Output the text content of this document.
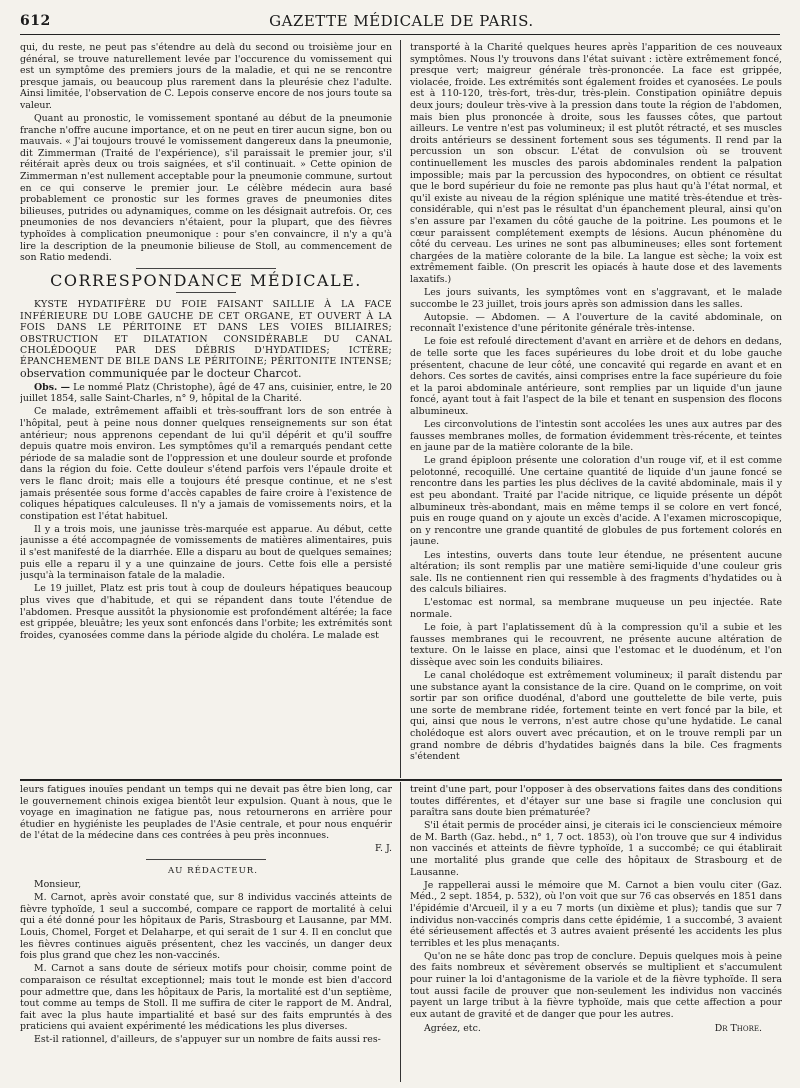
612	GAZETTE MÉDICALE DE PARIS.

qui, du reste, ne peut pas s'étendre au delà du second ou troisième jour en général, se trouve naturellement levée par l'occurence du vomissement qui est un symptôme des premiers jours de la maladie, et qui ne se rencontre presque jamais, ou beaucoup plus rarement dans la pleurésie chez l'adulte. Ainsi limitée, l'observation de C. Lepois conserve encore de nos jours toute sa valeur.

Quant au pronostic, le vomissement spontané au début de la pneumonie franche n'offre aucune importance, et on ne peut en tirer aucun signe, bon ou mauvais. « J'ai toujours trouvé le vomissement dangereux dans la pneumonie, dit Zimmerman (Traité de l'expérience), s'il paraissait le premier jour, s'il réitérait après deux ou trois saignées, et s'il continuait. » Cette opinion de Zimmerman n'est nullement acceptable pour la pneumonie commune, surtout en ce qui conserve le premier jour. Le célèbre médecin aura basé probablement ce pronostic sur les formes graves de pneumonies dites bilieuses, putrides ou adynamiques, comme on les désignait autrefois. Or, ces pneumonies de nos devanciers n'étaient, pour la plupart, que des fièvres typhoïdes à complication pneumonique : pour s'en convaincre, il n'y a qu'à lire la description de la pneumonie bilieuse de Stoll, au commencement de son Ratio medendi.

CORRESPONDANCE MÉDICALE.

KYSTE HYDATIFÈRE DU FOIE FAISANT SAILLIE À LA FACE INFÉRIEURE DU LOBE GAUCHE DE CET ORGANE, ET OUVERT À LA FOIS DANS LE PÉRITOINE ET DANS LES VOIES BILIAIRES; OBSTRUCTION ET DILATATION CONSIDÉRABLE DU CANAL CHOLÉDOQUE PAR DES DÉBRIS D'HYDATIDES; ICTÈRE; ÉPANCHEMENT DE BILE DANS LE PÉRITOINE; PÉRITONITE INTENSE; observation communiquée par le docteur Charcot.

Obs. — Le nommé Platz (Christophe), âgé de 47 ans, cuisinier, entre, le 20 juillet 1854, salle Saint-Charles, n° 9, hôpital de la Charité.

Ce malade, extrêmement affaibli et très-souffrant lors de son entrée à l'hôpital, peut à peine nous donner quelques renseignements sur son état antérieur; nous apprenons cependant de lui qu'il dépérit et qu'il souffre depuis quatre mois environ. Les symptômes qu'il a remarqués pendant cette période de sa maladie sont de l'oppression et une douleur sourde et profonde dans la région du foie. Cette douleur s'étend parfois vers l'épaule droite et vers le flanc droit; mais elle a toujours été presque continue, et ne s'est jamais présentée sous forme d'accès capables de faire croire à l'existence de coliques hépatiques calculeuses. Il n'y a jamais de vomissements noirs, et la constipation est l'état habituel.

Il y a trois mois, une jaunisse très-marquée est apparue. Au début, cette jaunisse a été accompagnée de vomissements de matières alimentaires, puis il s'est manifesté de la diarrhée. Elle a disparu au bout de quelques semaines; puis elle a reparu il y a une quinzaine de jours. Cette fois elle a persisté jusqu'à la terminaison fatale de la maladie.

Le 19 juillet, Platz est pris tout à coup de douleurs hépatiques beaucoup plus vives que d'habitude, et qui se répandent dans toute l'étendue de l'abdomen. Presque aussitôt la physionomie est profondément altérée; la face est grippée, bleuâtre; les yeux sont enfoncés dans l'orbite; les extrémités sont froides, cyanosées comme dans la période algide du choléra. Le malade est

transporté à la Charité quelques heures après l'apparition de ces nouveaux symptômes. Nous l'y trouvons dans l'état suivant : ictère extrêmement foncé, presque vert; maigreur générale très-prononcée. La face est grippée, violacée, froide. Les extrémités sont également froides et cyanosées. Le pouls est à 110-120, très-fort, très-dur, très-plein. Constipation opiniâtre depuis deux jours; douleur très-vive à la pression dans toute la région de l'abdomen, mais bien plus prononcée à droite, sous les fausses côtes, que partout ailleurs. Le ventre n'est pas volumineux; il est plutôt rétracté, et ses muscles droits antérieurs se dessinent fortement sous ses téguments. Il rend par la percussion un son obscur. L'état de convulsion où se trouvent continuellement les muscles des parois abdominales rendent la palpation impossible; mais par la percussion des hypocondres, on obtient ce résultat que le bord supérieur du foie ne remonte pas plus haut qu'à l'état normal, et qu'il existe au niveau de la région splénique une matité très-étendue et très-considérable, qui n'est pas le résultat d'un épanchement pleural, ainsi qu'on s'en assure par l'examen du côté gauche de la poitrine. Les poumons et le cœur paraissent complétement exempts de lésions. Aucun phénomène du côté du cerveau. Les urines ne sont pas albumineuses; elles sont fortement chargées de la matière colorante de la bile. La langue est sèche; la voix est extrêmement faible. (On prescrit les opiacés à haute dose et des lavements laxatifs.)

Les jours suivants, les symptômes vont en s'aggravant, et le malade succombe le 23 juillet, trois jours après son admission dans les salles.

Autopsie. — Abdomen. — A l'ouverture de la cavité abdominale, on reconnaît l'existence d'une péritonite générale très-intense.

Le foie est refoulé directement d'avant en arrière et de dehors en dedans, de telle sorte que les faces supérieures du lobe droit et du lobe gauche présentent, chacune de leur côté, une concavité qui regarde en avant et en dehors. Ces sortes de cavités, ainsi comprises entre la face supérieure du foie et la paroi abdominale antérieure, sont remplies par un liquide d'un jaune foncé, ayant tout à fait l'aspect de la bile et tenant en suspension des flocons albumineux.

Les circonvolutions de l'intestin sont accolées les unes aux autres par des fausses membranes molles, de formation évidemment très-récente, et teintes en jaune par de la matière colorante de la bile.

Le grand épiploon présente une coloration d'un rouge vif, et il est comme pelotonné, recoquillé. Une certaine quantité de liquide d'un jaune foncé se rencontre dans les parties les plus déclives de la cavité abdominale, mais il y est peu abondant. Traité par l'acide nitrique, ce liquide présente un dépôt albumineux très-abondant, mais en même temps il se colore en vert foncé, puis en rouge quand on y ajoute un excès d'acide. A l'examen microscopique, on y rencontre une grande quantité de globules de pus fortement colorés en jaune.

Les intestins, ouverts dans toute leur étendue, ne présentent aucune altération; ils sont remplis par une matière semi-liquide d'une couleur gris sale. Ils ne contiennent rien qui ressemble à des fragments d'hydatides ou à des calculs biliaires.

L'estomac est normal, sa membrane muqueuse un peu injectée. Rate normale.

Le foie, à part l'aplatissement dû à la compression qu'il a subie et les fausses membranes qui le recouvrent, ne présente aucune altération de texture. On le laisse en place, ainsi que l'estomac et le duodénum, et l'on dissèque avec soin les conduits biliaires.

Le canal cholédoque est extrêmement volumineux; il paraît distendu par une substance ayant la consistance de la cire. Quand on le comprime, on voit sortir par son orifice duodénal, d'abord une gouttelette de bile verte, puis une sorte de membrane ridée, fortement teinte en vert foncé par la bile, et qui, ainsi que nous le verrons, n'est autre chose qu'une hydatide. Le canal cholédoque est alors ouvert avec précaution, et on le trouve rempli par un grand nombre de débris d'hydatides baignés dans la bile. Ces fragments s'étendent

leurs fatigues inouïes pendant un temps qui ne devait pas être bien long, car le gouvernement chinois exigea bientôt leur expulsion. Quant à nous, que le voyage en imagination ne fatigue pas, nous retournerons en arrière pour étudier en hygiéniste les peuplades de l'Asie centrale, et pour nous enquérir de l'état de la médecine dans ces contrées à peu près inconnues.

F. J.

AU RÉDACTEUR.

Monsieur,

M. Carnot, après avoir constaté que, sur 8 individus vaccinés atteints de fièvre typhoïde, 1 seul a succombé, compare ce rapport de mortalité à celui qui a été donné pour les hôpitaux de Paris, Strasbourg et Lausanne, par MM. Louis, Chomel, Forget et Delaharpe, et qui serait de 1 sur 4. Il en conclut que les fièvres continues aiguës présentent, chez les vaccinés, un danger deux fois plus grand que chez les non-vaccinés.

M. Carnot a sans doute de sérieux motifs pour choisir, comme point de comparaison ce résultat exceptionnel; mais tout le monde est bien d'accord pour admettre que, dans les hôpitaux de Paris, la mortalité est d'un septième, tout comme au temps de Stoll. Il me suffira de citer le rapport de M. Andral, fait avec la plus haute impartialité et basé sur des faits empruntés à des praticiens qui avaient expérimenté les médications les plus diverses.

Est-il rationnel, d'ailleurs, de s'appuyer sur un nombre de faits aussi res-

treint d'une part, pour l'opposer à des observations faites dans des conditions toutes différentes, et d'étayer sur une base si fragile une conclusion qui paraîtra sans doute bien prématurée?

S'il était permis de procéder ainsi, je citerais ici le consciencieux mémoire de M. Barth (Gaz. hebd., n° 1, 7 oct. 1853), où l'on trouve que sur 4 individus non vaccinés et atteints de fièvre typhoïde, 1 a succombé; ce qui établirait une mortalité plus grande que celle des hôpitaux de Strasbourg et de Lausanne.

Je rappellerai aussi le mémoire que M. Carnot a bien voulu citer (Gaz. Méd., 2 sept. 1854, p. 532), où l'on voit que sur 76 cas observés en 1851 dans l'épidémie d'Arcueil, il y a eu 7 morts (un dixième et plus); tandis que sur 7 individus non-vaccinés compris dans cette épidémie, 1 a succombé, 3 avaient été sérieusement affectés et 3 autres avaient présenté les accidents les plus terribles et les plus menaçants.

Qu'on ne se hâte donc pas trop de conclure. Depuis quelques mois à peine des faits nombreux et sévèrement observés se multiplient et s'accumulent pour ruiner la loi d'antagonisme de la variole et de la fièvre typhoïde. Il sera tout aussi facile de prouver que non-seulement les individus non vaccinés payent un large tribut à la fièvre typhoïde, mais que cette affection a pour eux autant de gravité et de danger que pour les autres.

Agréez, etc.	Dr Thore.
